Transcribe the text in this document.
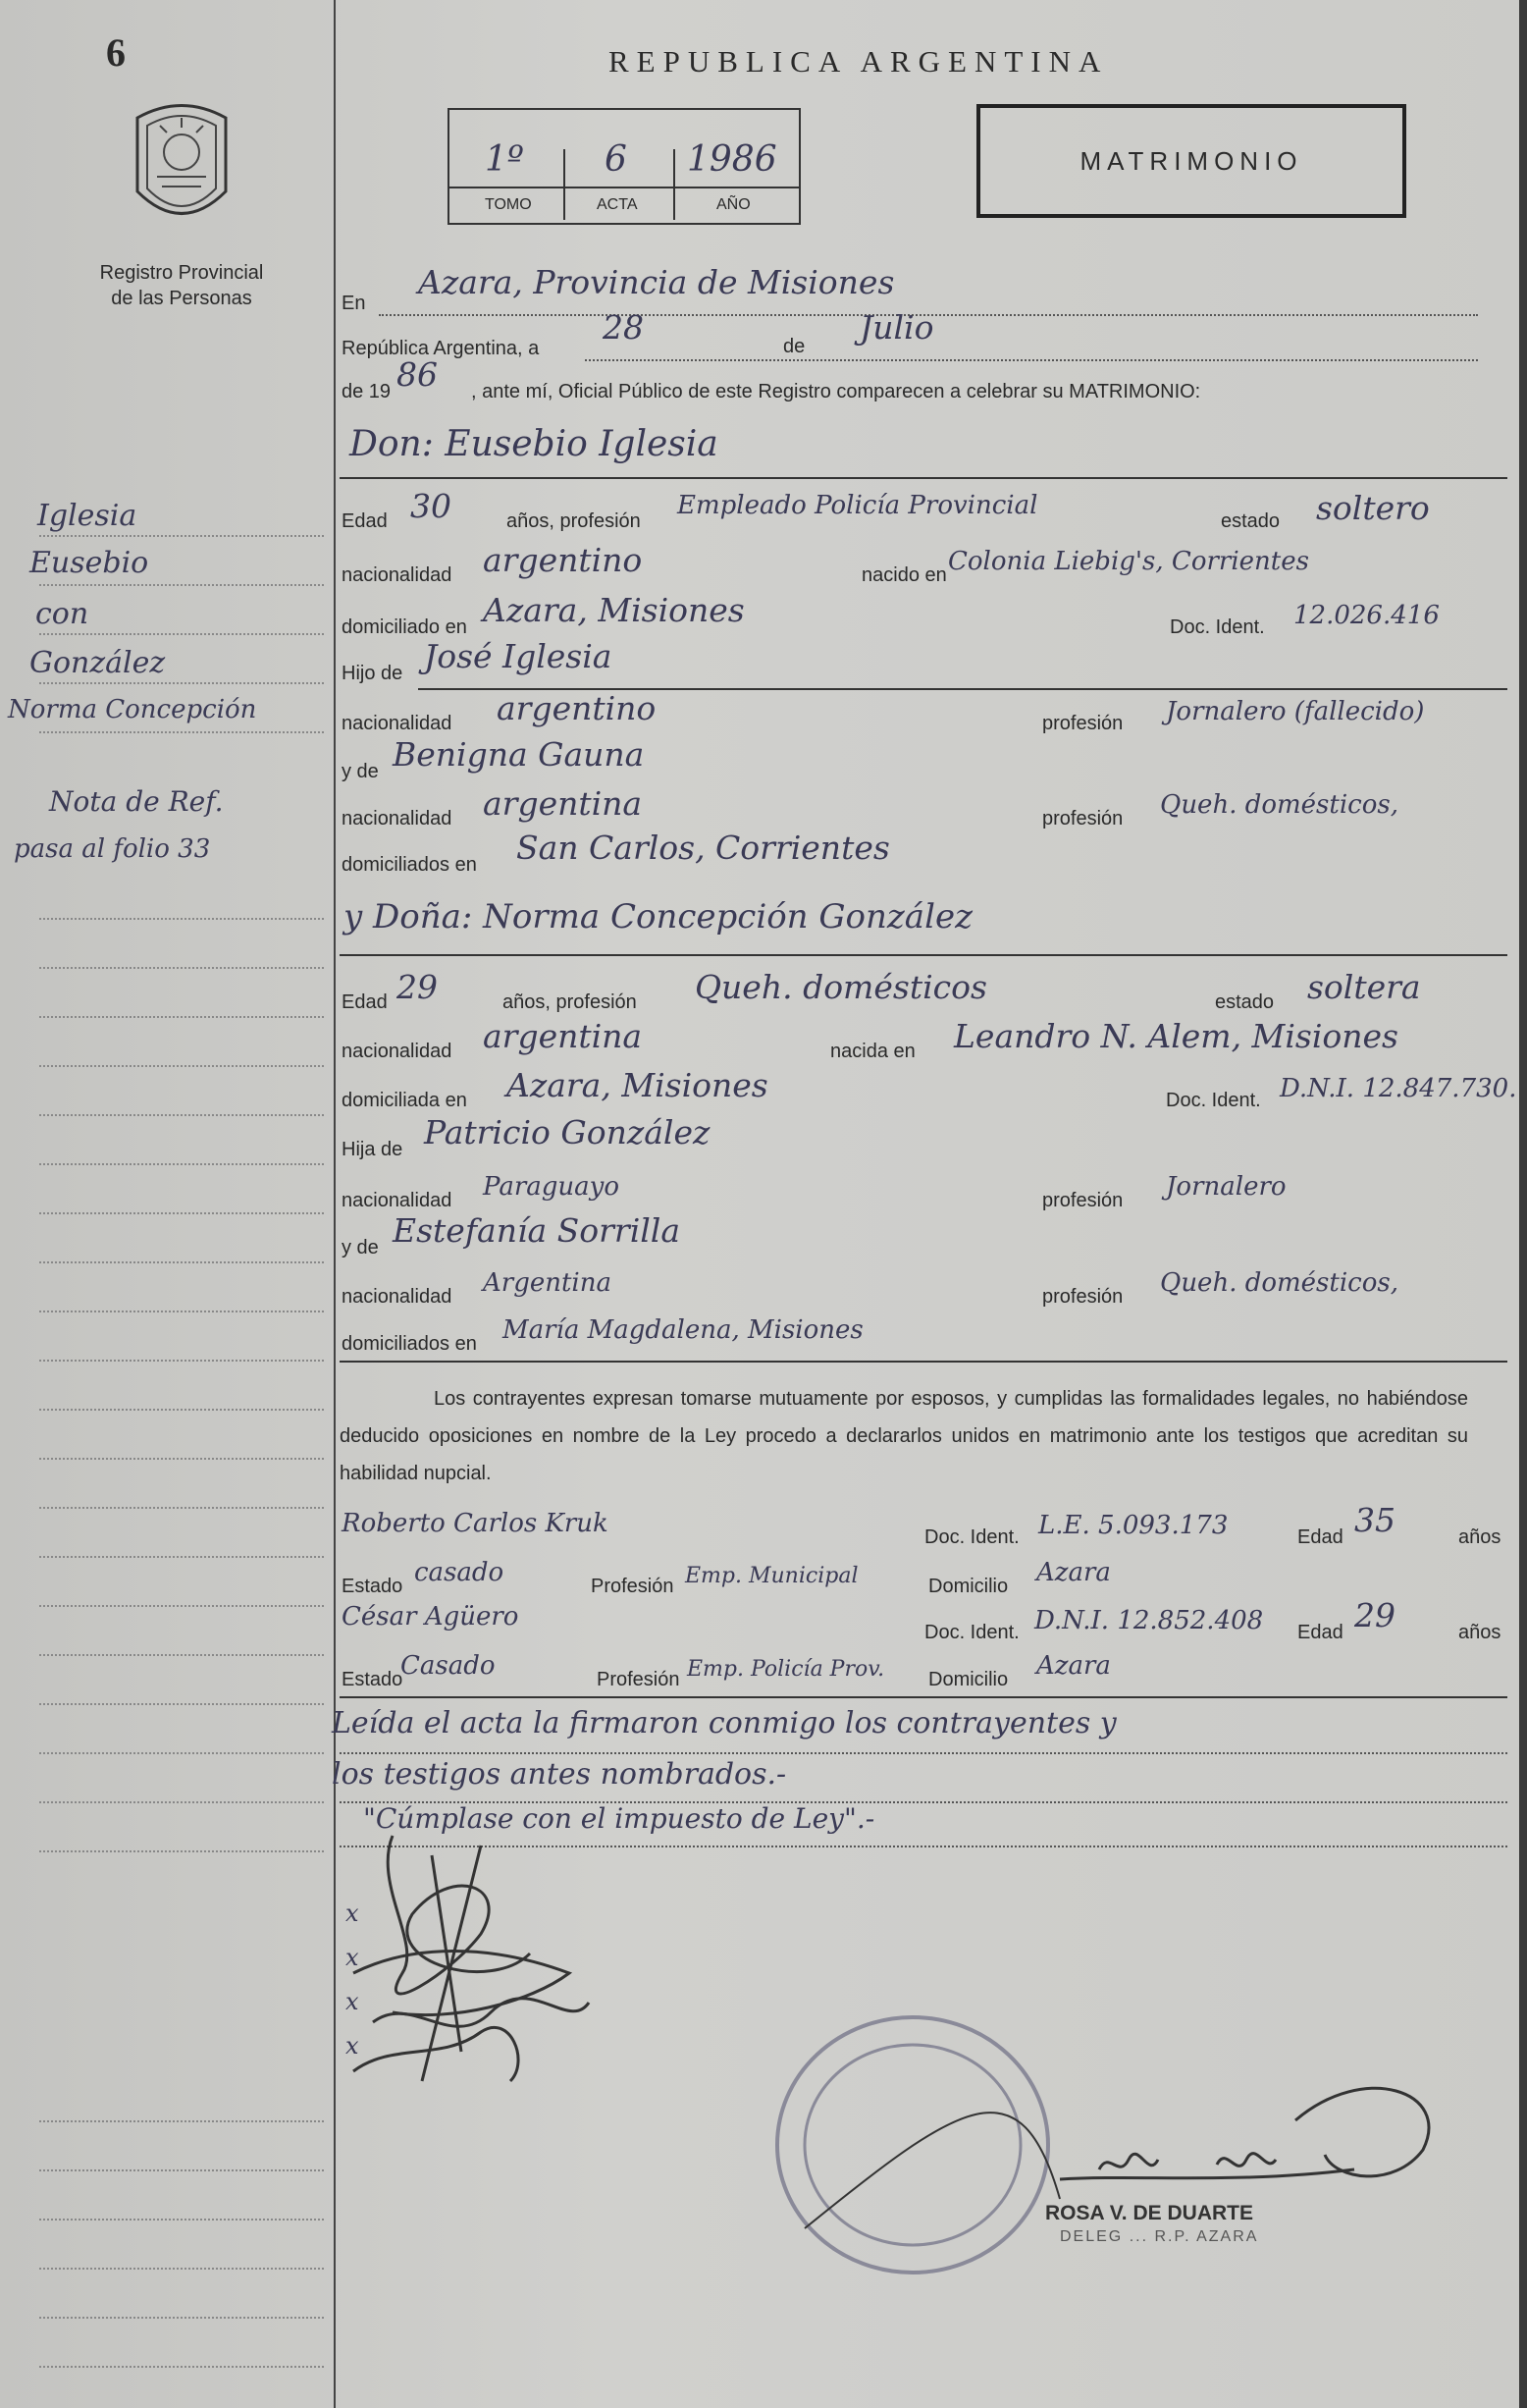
6
Registro Provincial
de las Personas
REPUBLICA ARGENTINA
1º 6 1986
TOMO	ACTA	AÑO
MATRIMONIO
Iglesia
Eusebio
con
González
Norma Concepción
Nota de Ref.
pasa al folio 33
En
Azara, Provincia de Misiones
República Argentina, a
28	de Julio
de 19 86 , ante mí, Oficial Público de este Registro comparecen a celebrar su MATRIMONIO:
Don: Eusebio Iglesia
Edad 30	años, profesión
Empleado Policía Provincial
estado soltero
nacionalidad argentino	nacido en Colonia Liebig's, Corrientes
domiciliado en Azara, Misiones	Doc. Ident. 12.026.416
Hijo de José Iglesia
nacionalidad argentino	profesión Jornalero (fallecido)
y de Benigna Gauna
nacionalidad argentina	profesión Queh. domésticos,
domiciliados en San Carlos, Corrientes
y Doña: Norma Concepción González
Edad 29	años, profesión Queh. domésticos	estado soltera
nacionalidad argentina	nacida en Leandro N. Alem, Misiones
domiciliada en Azara, Misiones	Doc. Ident. D.N.I. 12.847.730.
Hija de Patricio González
nacionalidad Paraguayo	profesión Jornalero
y de Estefanía Sorrilla
nacionalidad Argentina	profesión Queh. domésticos,
domiciliados en María Magdalena, Misiones
Los contrayentes expresan tomarse mutuamente por esposos, y cumplidas las formalidades legales, no habiéndose deducido oposiciones en nombre de la Ley procedo a declararlos unidos en matrimonio ante los testigos que acreditan su habilidad nupcial.
Roberto Carlos Kruk	Doc. Ident. L.E. 5.093.173	Edad 35	años
Estado casado	Profesión Emp. Municipal	Domicilio Azara
César Agüero
Doc. Ident. D.N.I. 12.852.408 Edad 29	años
Estado
Casado	Profesión Emp. Policía Prov. Domicilio Azara
Leída el acta la firmaron conmigo los contrayentes y
los testigos antes nombrados.-
"Cúmplase con el impuesto de Ley".-
x
x
x
x
ROSA V. DE DUARTE
DELEG ... R.P. AZARA
